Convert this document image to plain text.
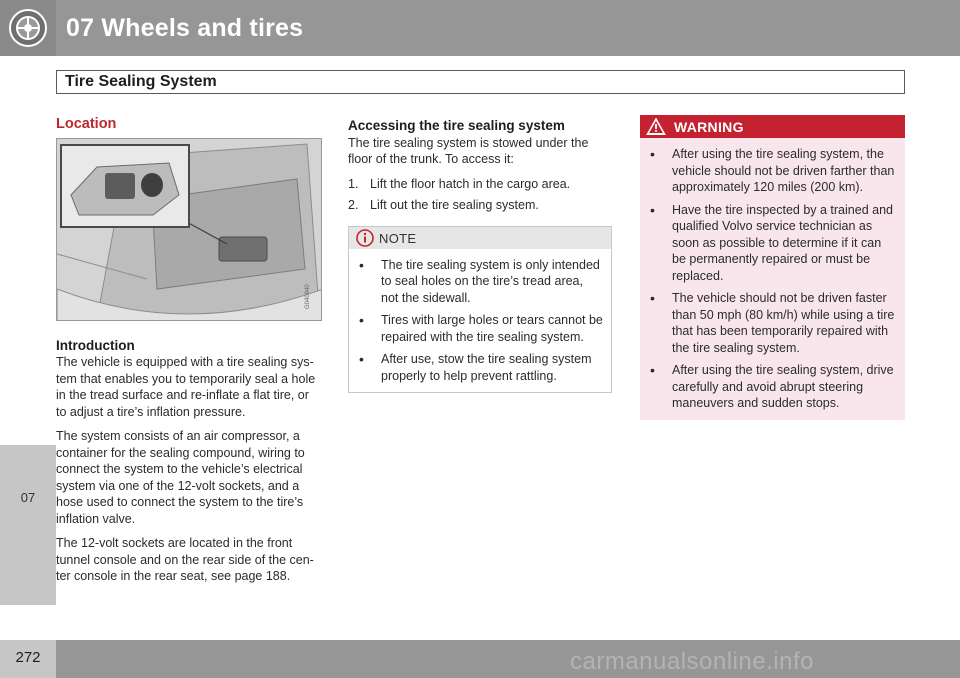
07 Wheels and tires
Tire Sealing System
07
Location
G040840
Introduction

The vehicle is equipped with a tire sealing sys-tem that enables you to temporarily seal a hole in the tread surface and re-inflate a flat tire, or to adjust a tire’s inflation pressure.

The system consists of an air compressor, a container for the sealing compound, wiring to connect the system to the vehicle’s electrical system via one of the 12-volt sockets, and a hose used to connect the system to the tire’s inflation valve.

The 12-volt sockets are located in the front tunnel console and on the rear side of the cen-ter console in the rear seat, see page 188.

Accessing the tire sealing system

The tire sealing system is stowed under the floor of the trunk. To access it:

1. Lift the floor hatch in the cargo area.
2. Lift out the tire sealing system.
NOTE
•	The tire sealing system is only intended to seal holes on the tire’s tread area, not the sidewall.
•	Tires with large holes or tears cannot be repaired with the tire sealing system.
•	After use, stow the tire sealing system properly to help prevent rattling.
WARNING
•	After using the tire sealing system, the vehicle should not be driven farther than approximately 120 miles (200 km).
•	Have the tire inspected by a trained and qualified Volvo service technician as soon as possible to determine if it can be permanently repaired or must be replaced.
•	The vehicle should not be driven faster than 50 mph (80 km/h) while using a tire that has been temporarily repaired with the tire sealing system.
•	After using the tire sealing system, drive carefully and avoid abrupt steering maneuvers and sudden stops.
272	carmanualsonline.info
